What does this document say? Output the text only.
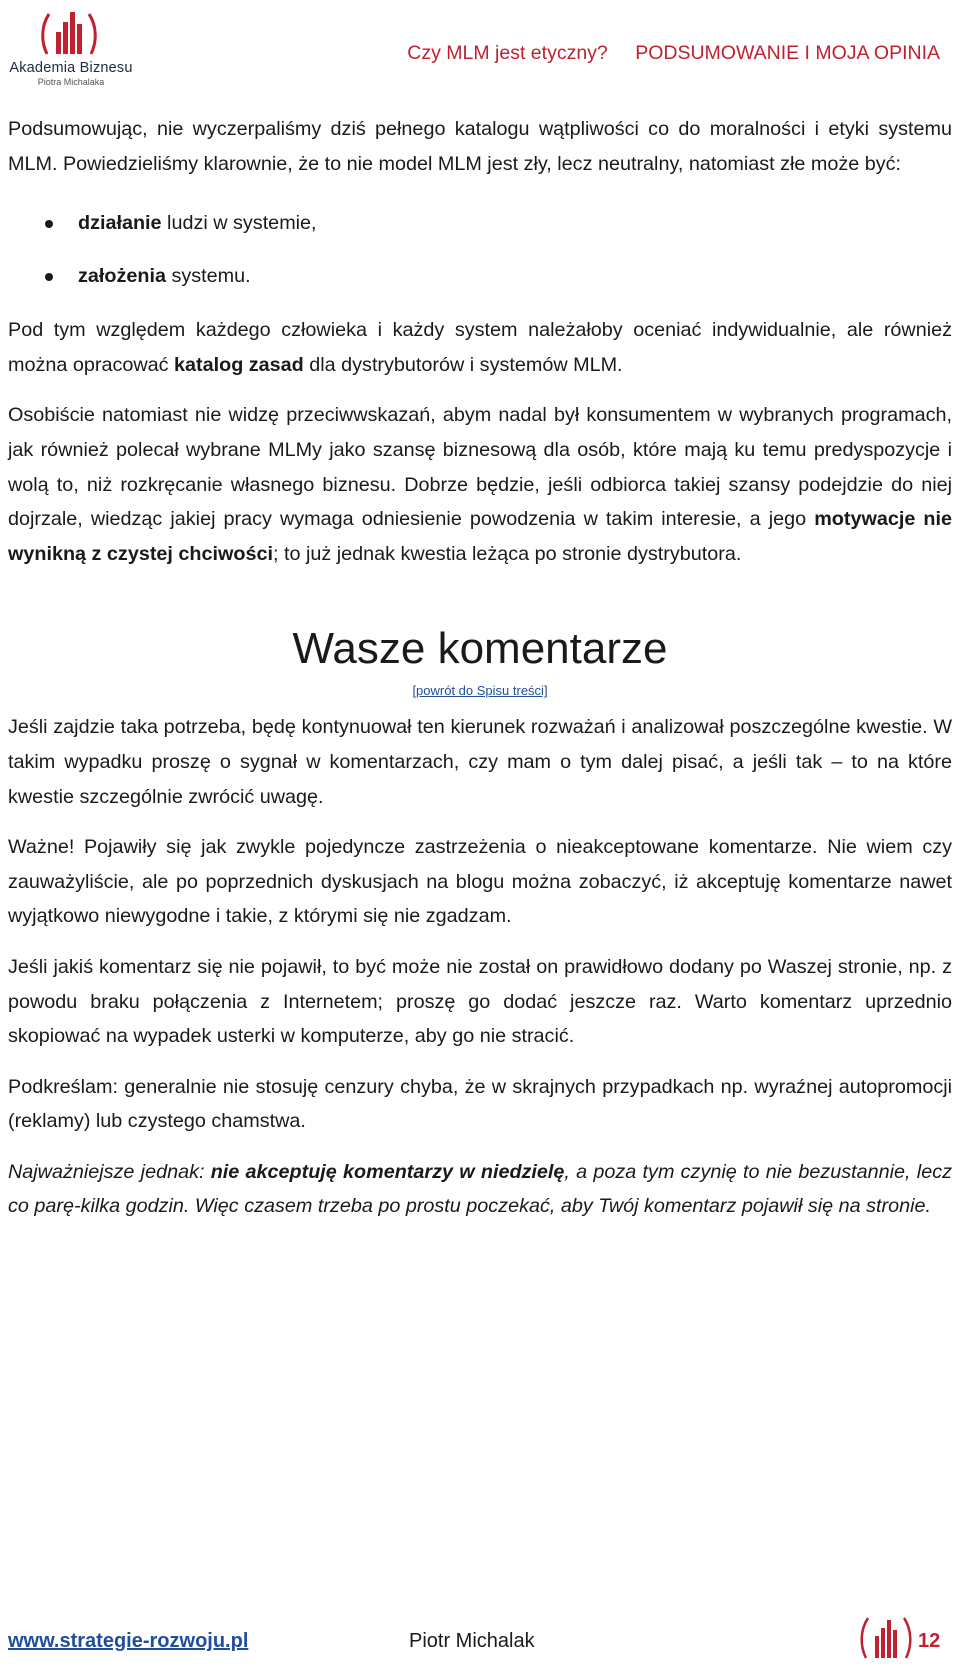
Akademia Biznesu
Piotra Michalaka
Czy MLM jest etyczny? PODSUMOWANIE I MOJA OPINIA

Podsumowując, nie wyczerpaliśmy dziś pełnego katalogu wątpliwości co do moralności i etyki systemu MLM. Powiedzieliśmy klarownie, że to nie model MLM jest zły, lecz neutralny, natomiast złe może być:

działanie ludzi w systemie,
założenia systemu.

Pod tym względem każdego człowieka i każdy system należałoby oceniać indywidualnie, ale również można opracować katalog zasad dla dystrybutorów i systemów MLM.

Osobiście natomiast nie widzę przeciwwskazań, abym nadal był konsumentem w wybranych programach, jak również polecał wybrane MLMy jako szansę biznesową dla osób, które mają ku temu predyspozycje i wolą to, niż rozkręcanie własnego biznesu. Dobrze będzie, jeśli odbiorca takiej szansy podejdzie do niej dojrzale, wiedząc jakiej pracy wymaga odniesienie powodzenia w takim interesie, a jego motywacje nie wynikną z czystej chciwości; to już jednak kwestia leżąca po stronie dystrybutora.

Wasze komentarze
[powrót do Spisu treści]

Jeśli zajdzie taka potrzeba, będę kontynuował ten kierunek rozważań i analizował poszczególne kwestie. W takim wypadku proszę o sygnał w komentarzach, czy mam o tym dalej pisać, a jeśli tak – to na które kwestie szczególnie zwrócić uwagę.

Ważne! Pojawiły się jak zwykle pojedyncze zastrzeżenia o nieakceptowane komentarze. Nie wiem czy zauważyliście, ale po poprzednich dyskusjach na blogu można zobaczyć, iż akceptuję komentarze nawet wyjątkowo niewygodne i takie, z którymi się nie zgadzam.

Jeśli jakiś komentarz się nie pojawił, to być może nie został on prawidłowo dodany po Waszej stronie, np. z powodu braku połączenia z Internetem; proszę go dodać jeszcze raz. Warto komentarz uprzednio skopiować na wypadek usterki w komputerze, aby go nie stracić.

Podkreślam: generalnie nie stosuję cenzury chyba, że w skrajnych przypadkach np. wyraźnej autopromocji (reklamy) lub czystego chamstwa.

Najważniejsze jednak: nie akceptuję komentarzy w niedzielę, a poza tym czynię to nie bezustannie, lecz co parę-kilka godzin. Więc czasem trzeba po prostu poczekać, aby Twój komentarz pojawił się na stronie.

www.strategie-rozwoju.pl	Piotr Michalak	12
